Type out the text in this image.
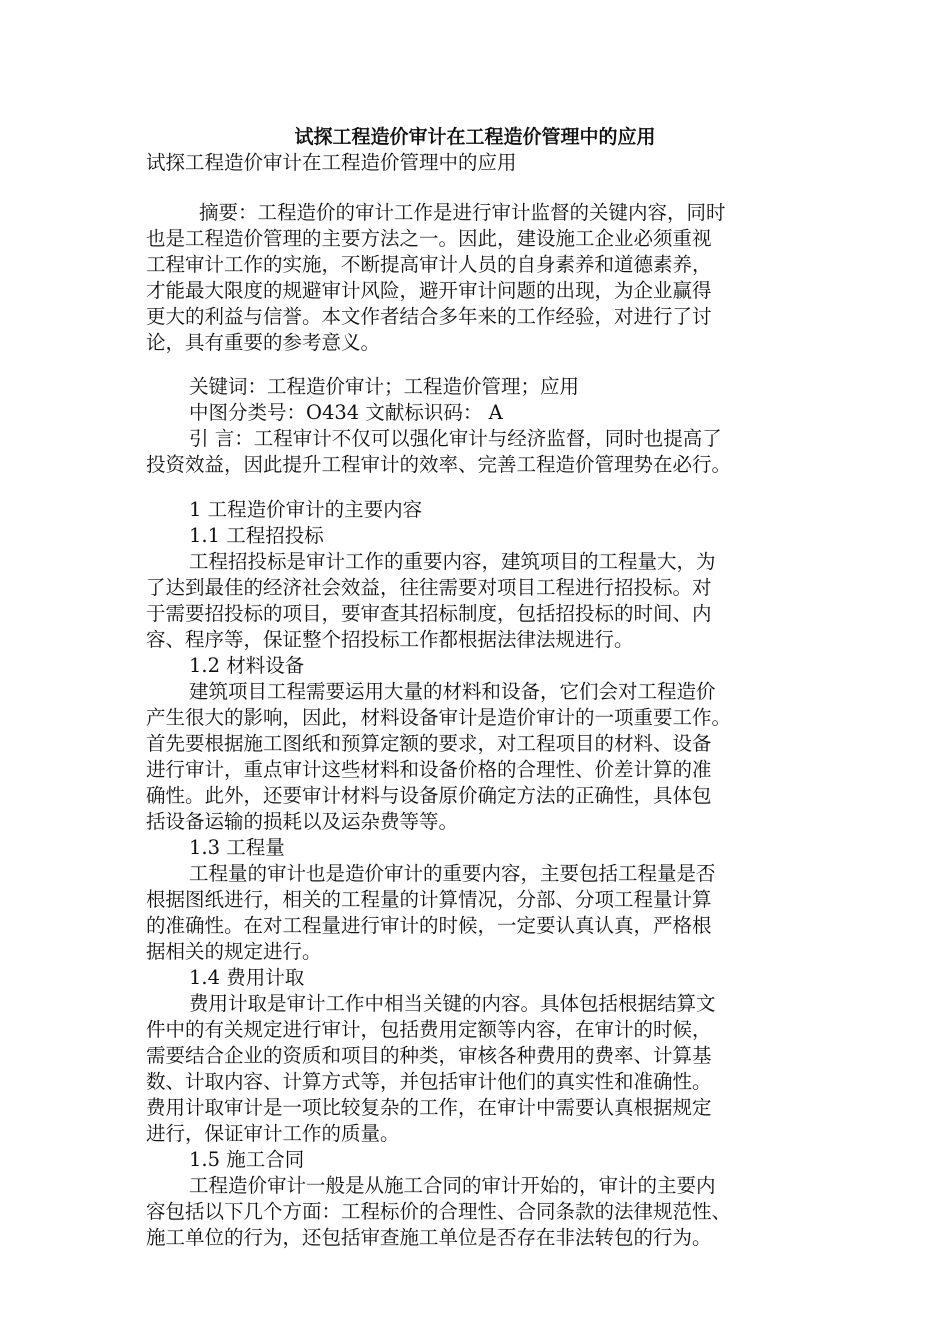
试探工程造价审计在工程造价管理中的应用
试探工程造价审计在工程造价管理中的应用
摘要：工程造价的审计工作是进行审计监督的关键内容，同时
也是工程造价管理的主要方法之一。因此，建设施工企业必须重视
工程审计工作的实施，不断提高审计人员的自身素养和道德素养，
才能最大限度的规避审计风险，避开审计问题的出现，为企业赢得
更大的利益与信誉。本文作者结合多年来的工作经验，对进行了讨
论，具有重要的参考意义。
关键词：工程造价审计；工程造价管理；应用
中图分类号：O434 文献标识码： A
引 言：工程审计不仅可以强化审计与经济监督，同时也提高了
投资效益，因此提升工程审计的效率、完善工程造价管理势在必行。
1 工程造价审计的主要内容
1.1 工程招投标
工程招投标是审计工作的重要内容，建筑项目的工程量大，为
了达到最佳的经济社会效益，往往需要对项目工程进行招投标。对
于需要招投标的项目，要审查其招标制度，包括招投标的时间、内
容、程序等，保证整个招投标工作都根据法律法规进行。
1.2 材料设备
建筑项目工程需要运用大量的材料和设备，它们会对工程造价
产生很大的影响，因此，材料设备审计是造价审计的一项重要工作。
首先要根据施工图纸和预算定额的要求，对工程项目的材料、设备
进行审计，重点审计这些材料和设备价格的合理性、价差计算的准
确性。此外，还要审计材料与设备原价确定方法的正确性，具体包
括设备运输的损耗以及运杂费等等。
1.3 工程量
工程量的审计也是造价审计的重要内容，主要包括工程量是否
根据图纸进行，相关的工程量的计算情况，分部、分项工程量计算
的准确性。在对工程量进行审计的时候，一定要认真认真，严格根
据相关的规定进行。
1.4 费用计取
费用计取是审计工作中相当关键的内容。具体包括根据结算文
件中的有关规定进行审计，包括费用定额等内容，在审计的时候，
需要结合企业的资质和项目的种类，审核各种费用的费率、计算基
数、计取内容、计算方式等，并包括审计他们的真实性和准确性。
费用计取审计是一项比较复杂的工作，在审计中需要认真根据规定
进行，保证审计工作的质量。
1.5 施工合同
工程造价审计一般是从施工合同的审计开始的，审计的主要内
容包括以下几个方面：工程标价的合理性、合同条款的法律规范性、
施工单位的行为，还包括审查施工单位是否存在非法转包的行为。
